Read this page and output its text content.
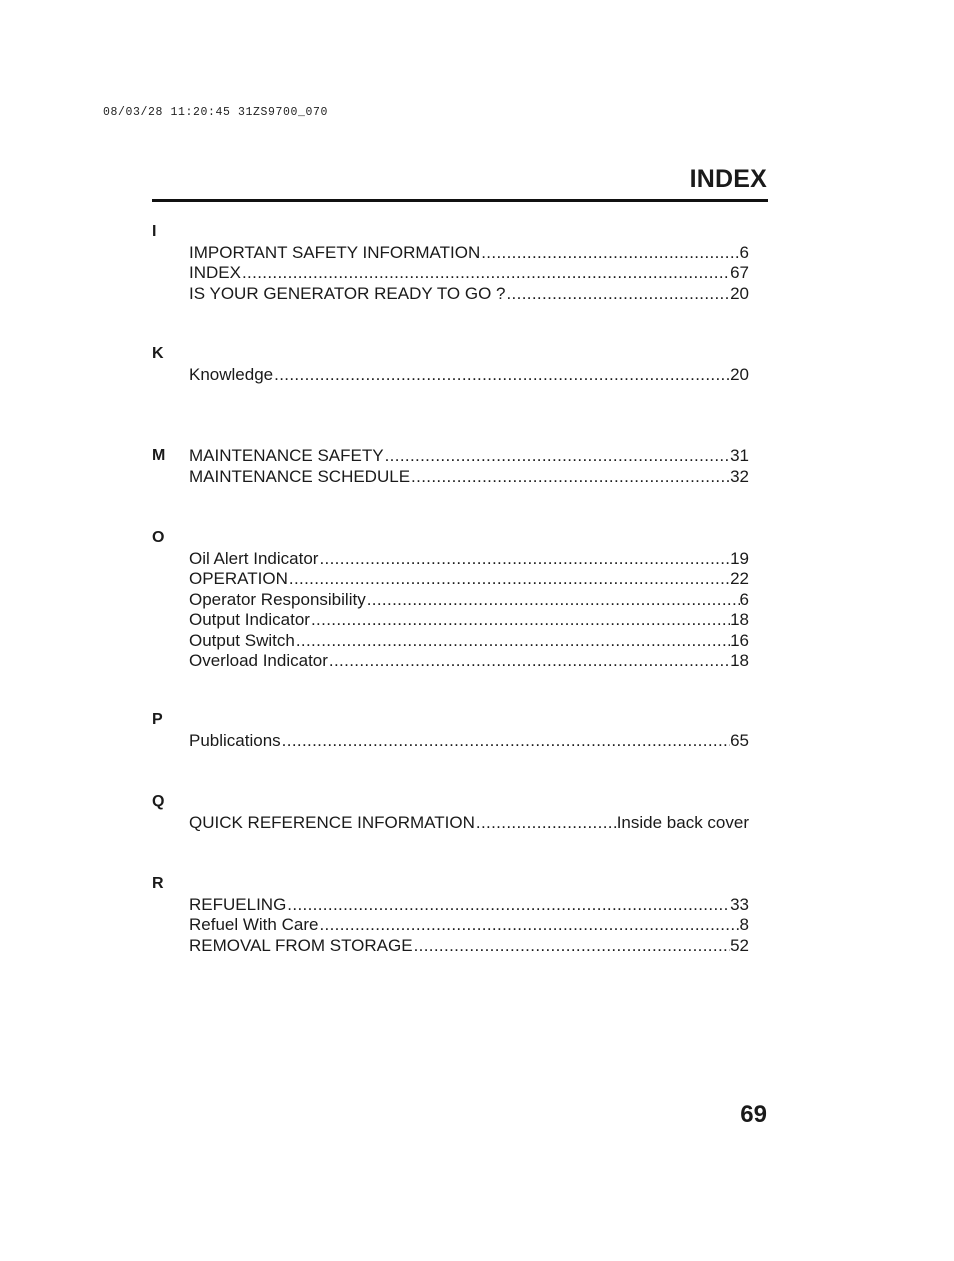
08/03/28 11:20:45 31ZS9700_070
INDEX
I
IMPORTANT SAFETY INFORMATION .....	6
INDEX .....	67
IS YOUR GENERATOR READY TO GO ? .....	20
K
Knowledge .....	20
M MAINTENANCE SAFETY .....	31
MAINTENANCE SCHEDULE .....	32
O
Oil Alert Indicator .....	19
OPERATION .....	22
Operator Responsibility .....	6
Output Indicator .....	18
Output Switch .....	16
Overload Indicator .....	18
P
Publications .....	65
Q
QUICK REFERENCE INFORMATION .....	Inside back cover
R
REFUELING .....	33
Refuel With Care .....	8
REMOVAL FROM STORAGE .....	52
69
